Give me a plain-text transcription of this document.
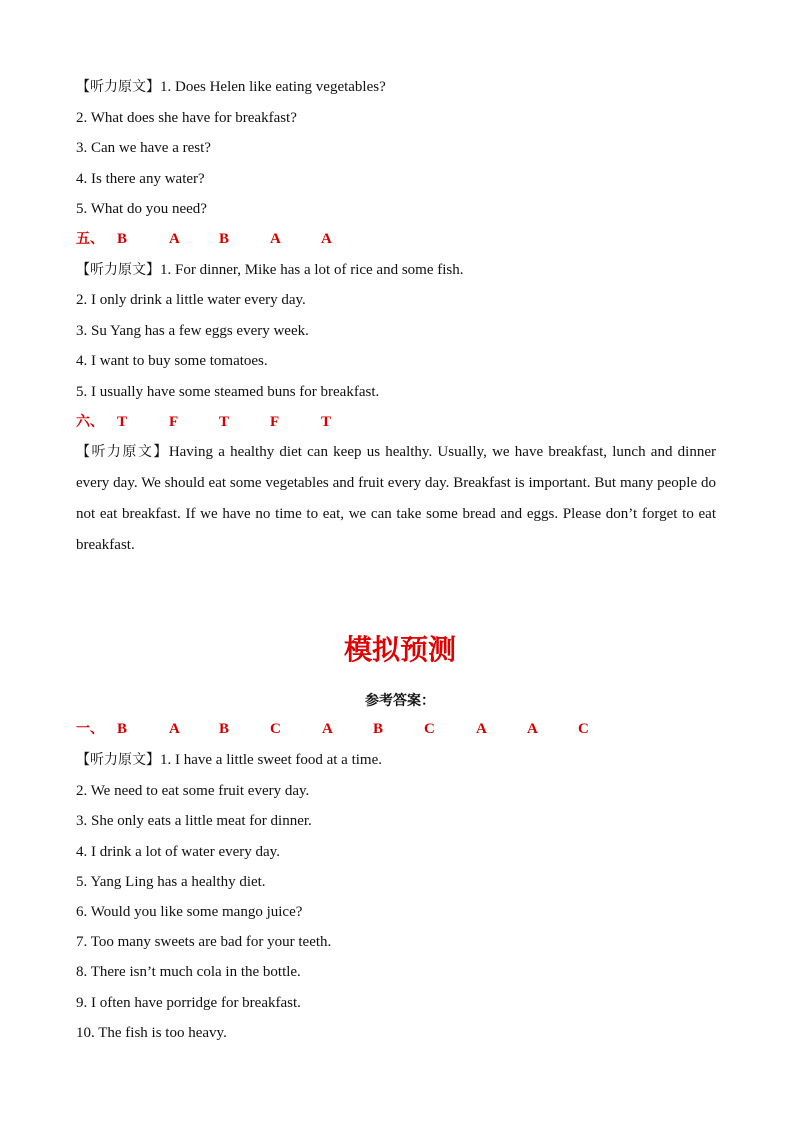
【听力原文】1. Does Helen like eating vegetables?
2. What does she have for breakfast?
3. Can we have a rest?
4. Is there any water?
5. What do you need?
五、 B	A	B	A	A
【听力原文】1. For dinner, Mike has a lot of rice and some fish.
2. I only drink a little water every day.
3. Su Yang has a few eggs every week.
4. I want to buy some tomatoes.
5. I usually have some steamed buns for breakfast.
六、 T	F	T	F	T
【听力原文】Having a healthy diet can keep us healthy. Usually, we have breakfast, lunch and dinner every day. We should eat some vegetables and fruit every day. Breakfast is important. But many people do not eat breakfast. If we have no time to eat, we can take some bread and eggs. Please don’t forget to eat breakfast.
模拟预测
参考答案：
一、 B	A	B	C	A	B	C	A	A	C
【听力原文】1. I have a little sweet food at a time.
2. We need to eat some fruit every day.
3. She only eats a little meat for dinner.
4. I drink a lot of water every day.
5. Yang Ling has a healthy diet.
6. Would you like some mango juice?
7. Too many sweets are bad for your teeth.
8. There isn’t much cola in the bottle.
9. I often have porridge for breakfast.
10. The fish is too heavy.
